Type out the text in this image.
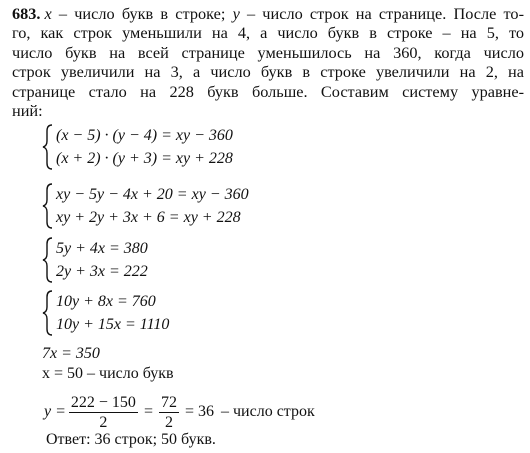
683. x – число букв в строке; y – число строк на странице. После то-
го, как строк уменьшили на 4, а число букв в строке – на 5, то
число букв на всей странице уменьшилось на 360, когда число
строк увеличили на 3, а число букв в строке увеличили на 2, на
странице стало на 228 букв больше. Составим систему уравне-
ний:
(x − 5) · (y − 4) = xy − 360
(x + 2) · (y + 3) = xy + 228
xy − 5y − 4x + 20 = xy − 360
xy + 2y + 3x + 6 = xy + 228
5y + 4x = 380
2y + 3x = 222
10y + 8x = 760
10y + 15x = 1110
7x = 350
x = 50 – число букв
$y = \frac{222 - 150}{2} = \frac{72}{2} = 36$ – число строк
Ответ: 36 строк; 50 букв.
